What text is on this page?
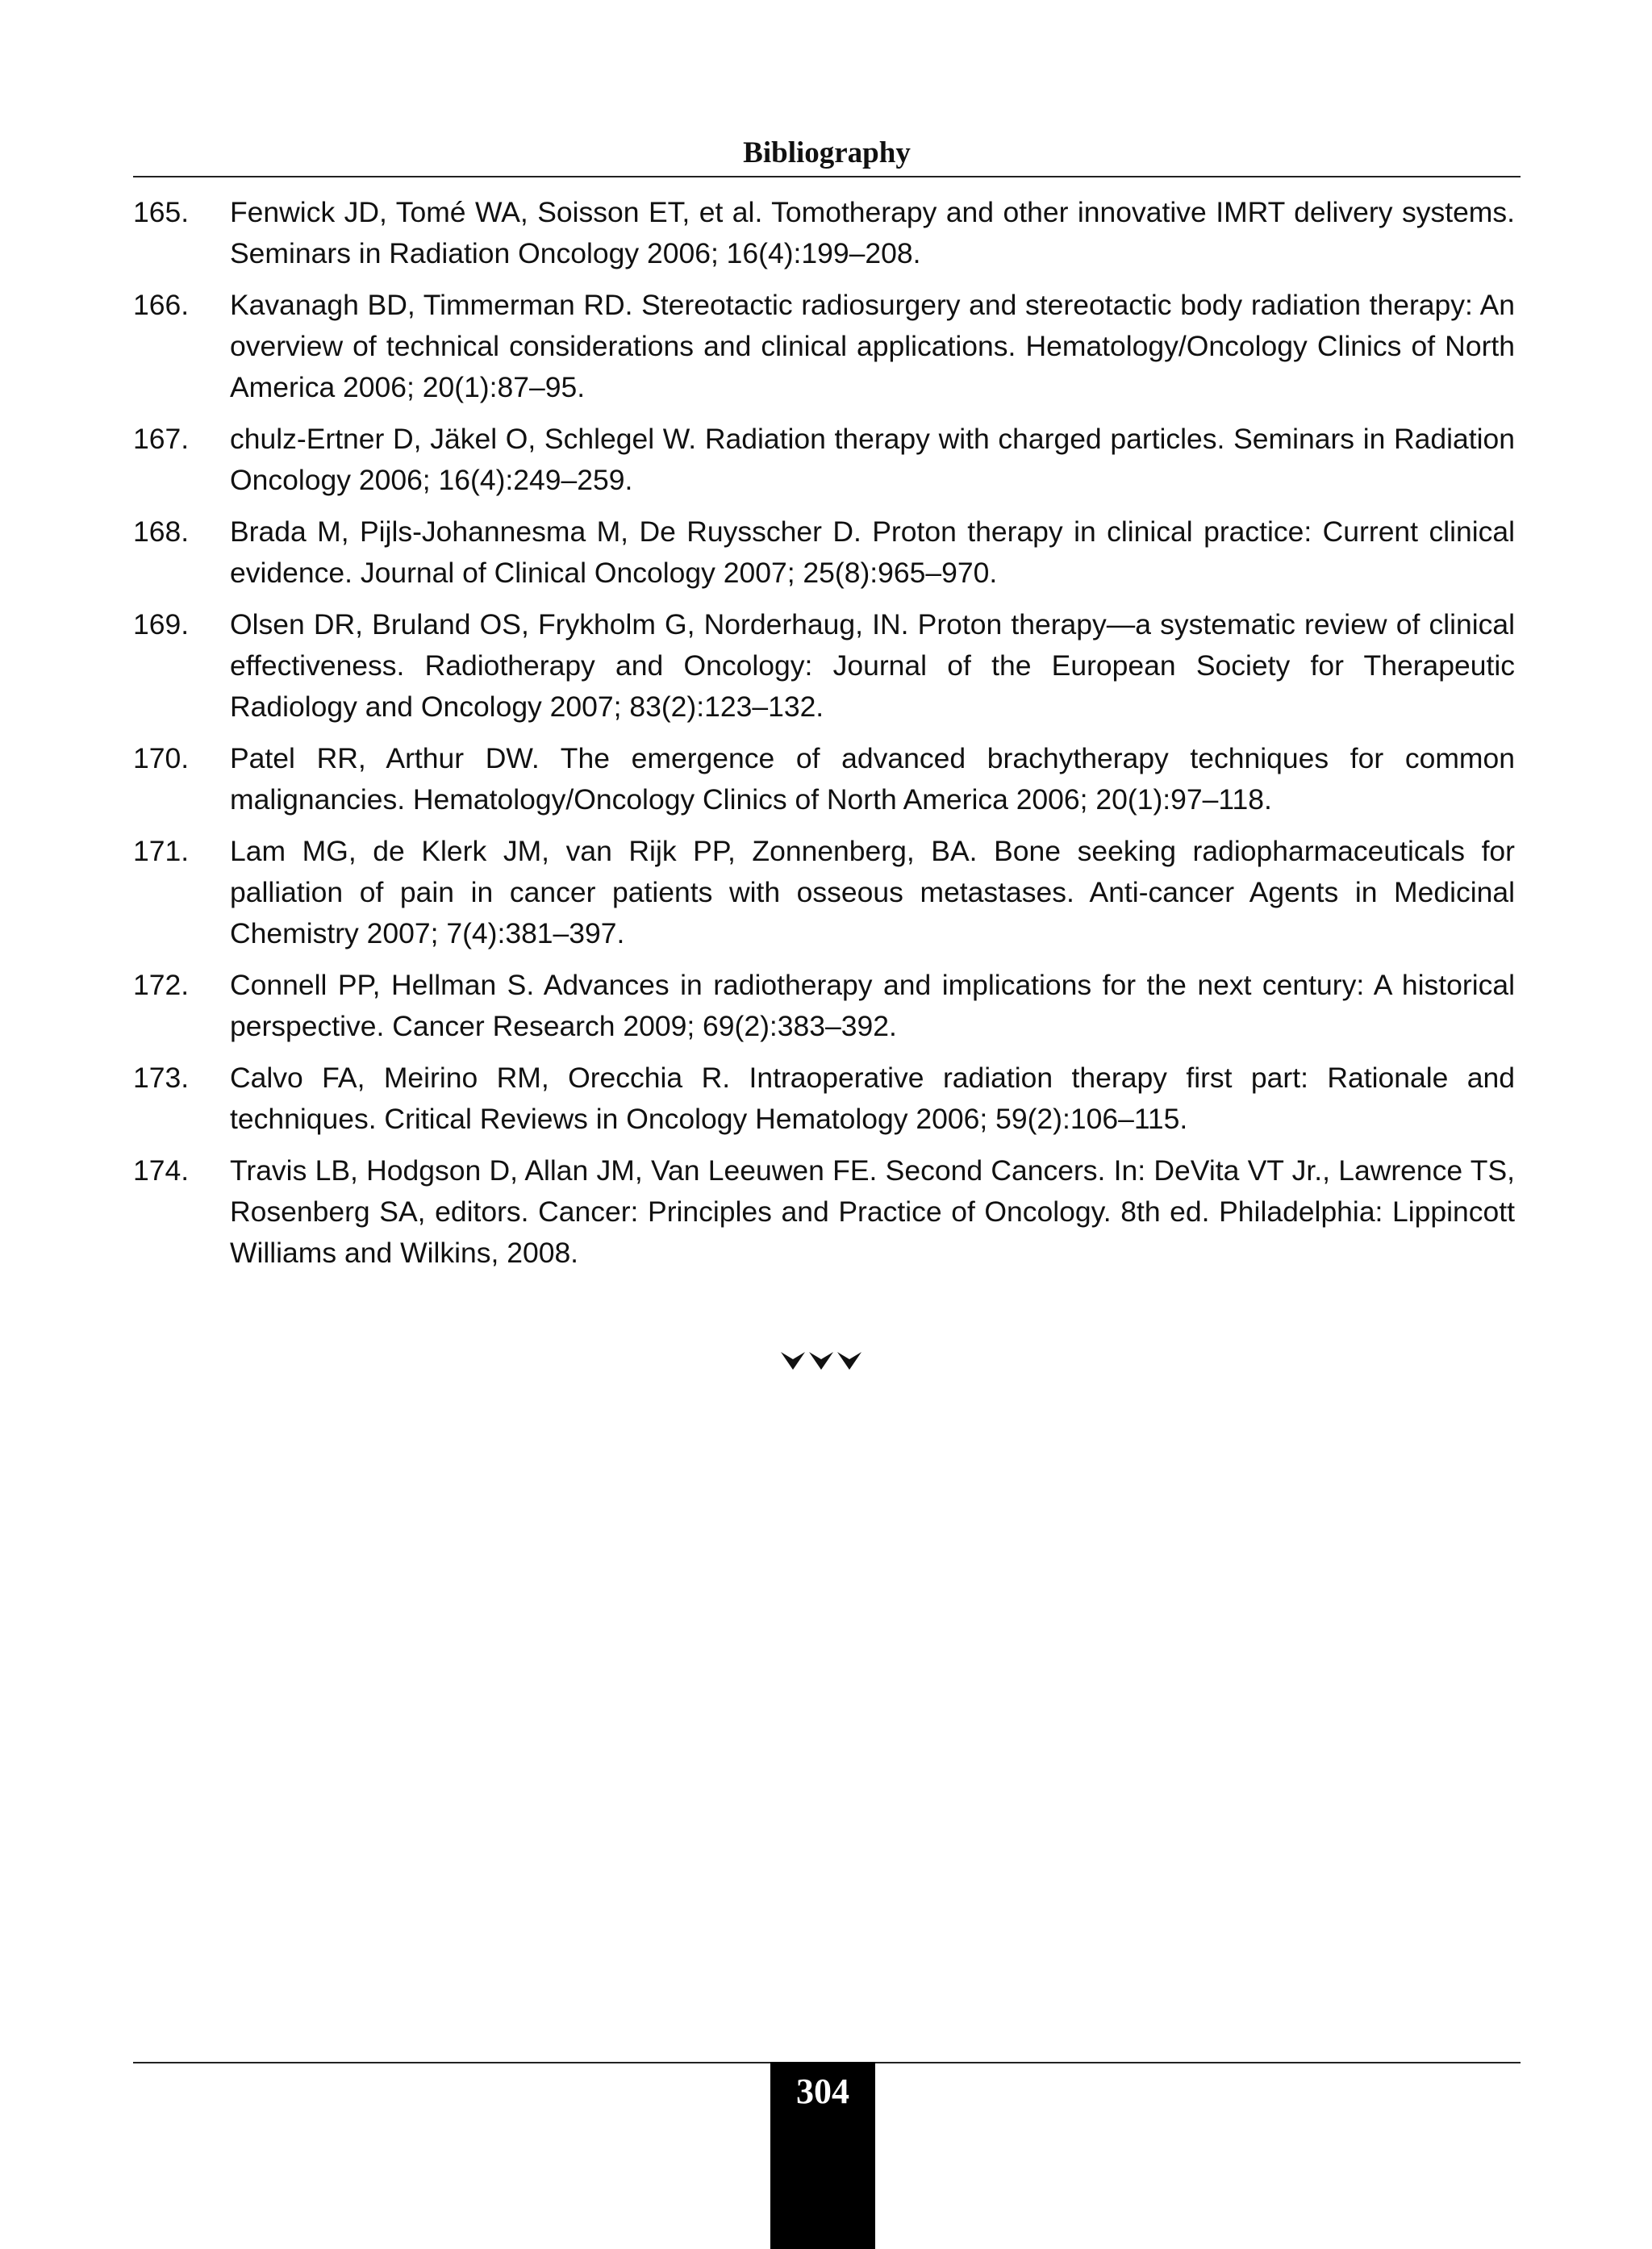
Bibliography
165.	Fenwick JD, Tomé WA, Soisson ET, et al. Tomotherapy and other innovative IMRT delivery systems. Seminars in Radiation Oncology 2006; 16(4):199–208.
166.	Kavanagh BD, Timmerman RD. Stereotactic radiosurgery and stereotactic body radiation therapy: An overview of technical considerations and clinical applications. Hematology/Oncology Clinics of North America 2006; 20(1):87–95.
167.	chulz-Ertner D, Jäkel O, Schlegel W. Radiation therapy with charged particles. Seminars in Radiation Oncology 2006; 16(4):249–259.
168.	Brada M, Pijls-Johannesma M, De Ruysscher D. Proton therapy in clinical practice: Current clinical evidence. Journal of Clinical Oncology 2007; 25(8):965–970.
169.	Olsen DR, Bruland OS, Frykholm G, Norderhaug, IN. Proton therapy—a systematic review of clinical effectiveness. Radiotherapy and Oncology: Journal of the European Society for Therapeutic Radiology and Oncology 2007; 83(2):123–132.
170.	Patel RR, Arthur DW. The emergence of advanced brachytherapy techniques for common malignancies. Hematology/Oncology Clinics of North America 2006; 20(1):97–118.
171.	Lam MG, de Klerk JM, van Rijk PP, Zonnenberg, BA. Bone seeking radiopharmaceuticals for palliation of pain in cancer patients with osseous metastases. Anti-cancer Agents in Medicinal Chemistry 2007; 7(4):381–397.
172.	Connell PP, Hellman S. Advances in radiotherapy and implications for the next century: A historical perspective. Cancer Research 2009; 69(2):383–392.
173.	Calvo FA, Meirino RM, Orecchia R. Intraoperative radiation therapy first part: Rationale and techniques. Critical Reviews in Oncology Hematology 2006; 59(2):106–115.
174.	Travis LB, Hodgson D, Allan JM, Van Leeuwen FE. Second Cancers. In: DeVita VT Jr., Lawrence TS, Rosenberg SA, editors. Cancer: Principles and Practice of Oncology. 8th ed. Philadelphia: Lippincott Williams and Wilkins, 2008.
304
